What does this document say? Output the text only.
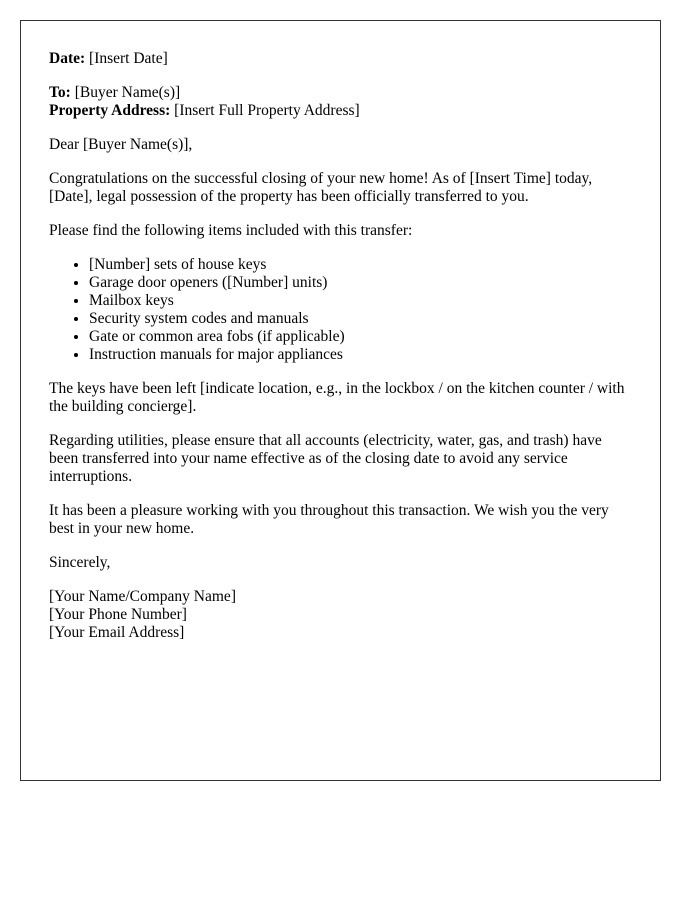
Date: [Insert Date]
To: [Buyer Name(s)]
Property Address: [Insert Full Property Address]

Dear [Buyer Name(s)],

Congratulations on the successful closing of your new home! As of [Insert Time] today, [Date], legal possession of the property has been officially transferred to you.

Please find the following items included with this transfer:

• [Number] sets of house keys
• Garage door openers ([Number] units)
• Mailbox keys
• Security system codes and manuals
• Gate or common area fobs (if applicable)
• Instruction manuals for major appliances

The keys have been left [indicate location, e.g., in the lockbox / on the kitchen counter / with the building concierge].

Regarding utilities, please ensure that all accounts (electricity, water, gas, and trash) have been transferred into your name effective as of the closing date to avoid any service interruptions.

It has been a pleasure working with you throughout this transaction. We wish you the very best in your new home.

Sincerely,

[Your Name/Company Name]
[Your Phone Number]
[Your Email Address]
